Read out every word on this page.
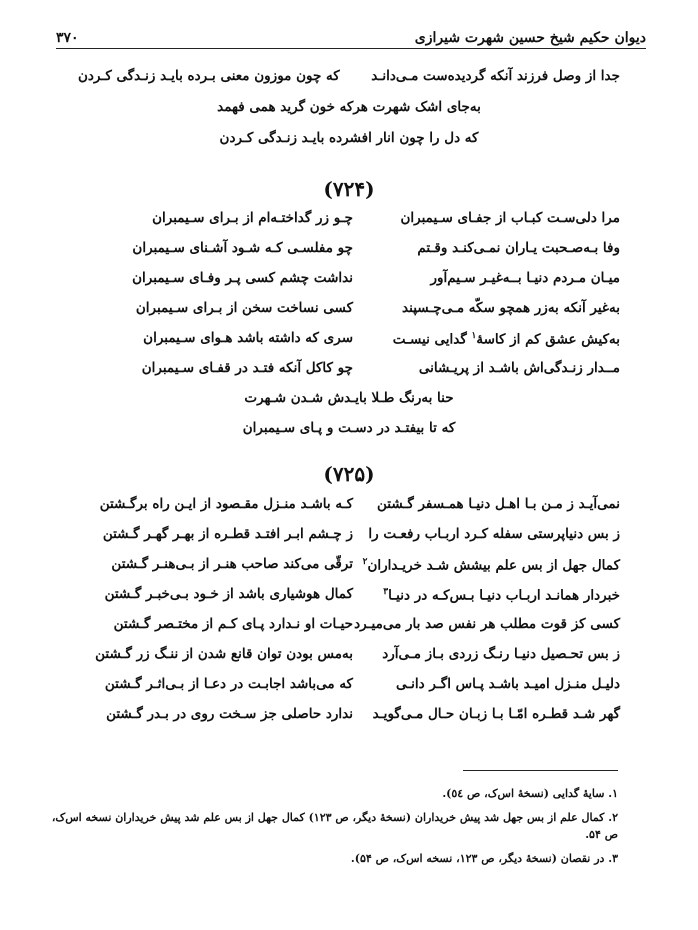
دیوان حکیم شیخ حسین شهرت شیرازی
۳۷۰
جدا از وصل فرزند آنکه گردیده‌ست مـی‌دانـد
که چون موزون معنی بـرده بایـد زنـدگی کـردن
به‌جای اشک شهرت هرکه خون گرید همی فهمد
که دل را چون انار افشرده بایـد زنـدگی کـردن
(۷۲۴)
مرا دلی‌سـت کبـاب از جفـای سـیمبران
چـو زر گداختـه‌ام از بـرای سـیمبران
وفا بـه‌صـحبت یـاران نمـی‌کنـد وقـتم
چو مفلسـی کـه شـود آشـنای سـیمبران
میـان مـردم دنیـا بــه‌غیـر سـیم‌آور
نداشت چشم کسی پـر وفـای سـیمبران
به‌غیر آنکه به‌زر همچو سکّه مـی‌چـسپند
کسی نساخت سخن از بـرای سـیمبران
به‌کیش عشق کم از کاسهٔ$^۱$ گدایی نیسـت
سری که داشته باشد هـوای سـیمبران
مــدار زنـدگی‌اش باشـد از پریـشانی
چو کاکل آنکه فتـد در قفـای سـیمبران
حنا به‌رنگ طـلا بایـدش شـدن شـهرت
که تا بیفتـد در دسـت و پـای سـیمبران
(۷۲۵)
نمی‌آیـد ز مـن بـا اهـل دنیـا همـسفر گـشتن
کـه باشـد منـزل مقـصود از ایـن راه برگـشتن
ز بس دنیاپرستی سفله کـرد اربـاب رفعـت را
ز چـشم ابـر افتـد قطـره از بهـر گهـر گـشتن
کمال جهل از بس علم بیشش شـد خریـداران$^۲$
ترقّی می‌کند صاحب هنـر از بـی‌هنـر گـشتن
خبردار همانـد اربـاب دنیـا بـس‌کـه در دنیـا$^۳$
کمال هوشیاری باشد از خـود بـی‌خبـر گـشتن
کسی کز قوت مطلب هر نفس صد بار می‌میـرد
حیـات او نـدارد پـای کـم از مختـصر گـشتن
ز بس تحـصیل دنیـا رنـگ زردی بـاز مـی‌آرد
به‌مس بودن توان قانع شدن از ننـگ زر گـشتن
دلیـل منـزل امیـد باشـد پـاس اگـر دانـی
که می‌باشد اجابـت در دعـا از بـی‌اثـر گـشتن
گهر شـد قطـره امّـا بـا زبـان حـال مـی‌گویـد
ندارد حاصلی جز سـخت روی در بـدر گـشتن
۱. سایهٔ گدایی (نسخهٔ اس‌ک، ص ٥٤).
۲. کمال علم از بس جهل شد پیش خریداران (نسخهٔ دیگر، ص ۱۲۳) کمال جهل از بس علم شد پیش خریداران نسخه اس‌ک، ص ۵۴.
۳. در نقصان (نسخهٔ دیگر، ص ۱۲۳، نسخه اس‌ک، ص ۵۴).
